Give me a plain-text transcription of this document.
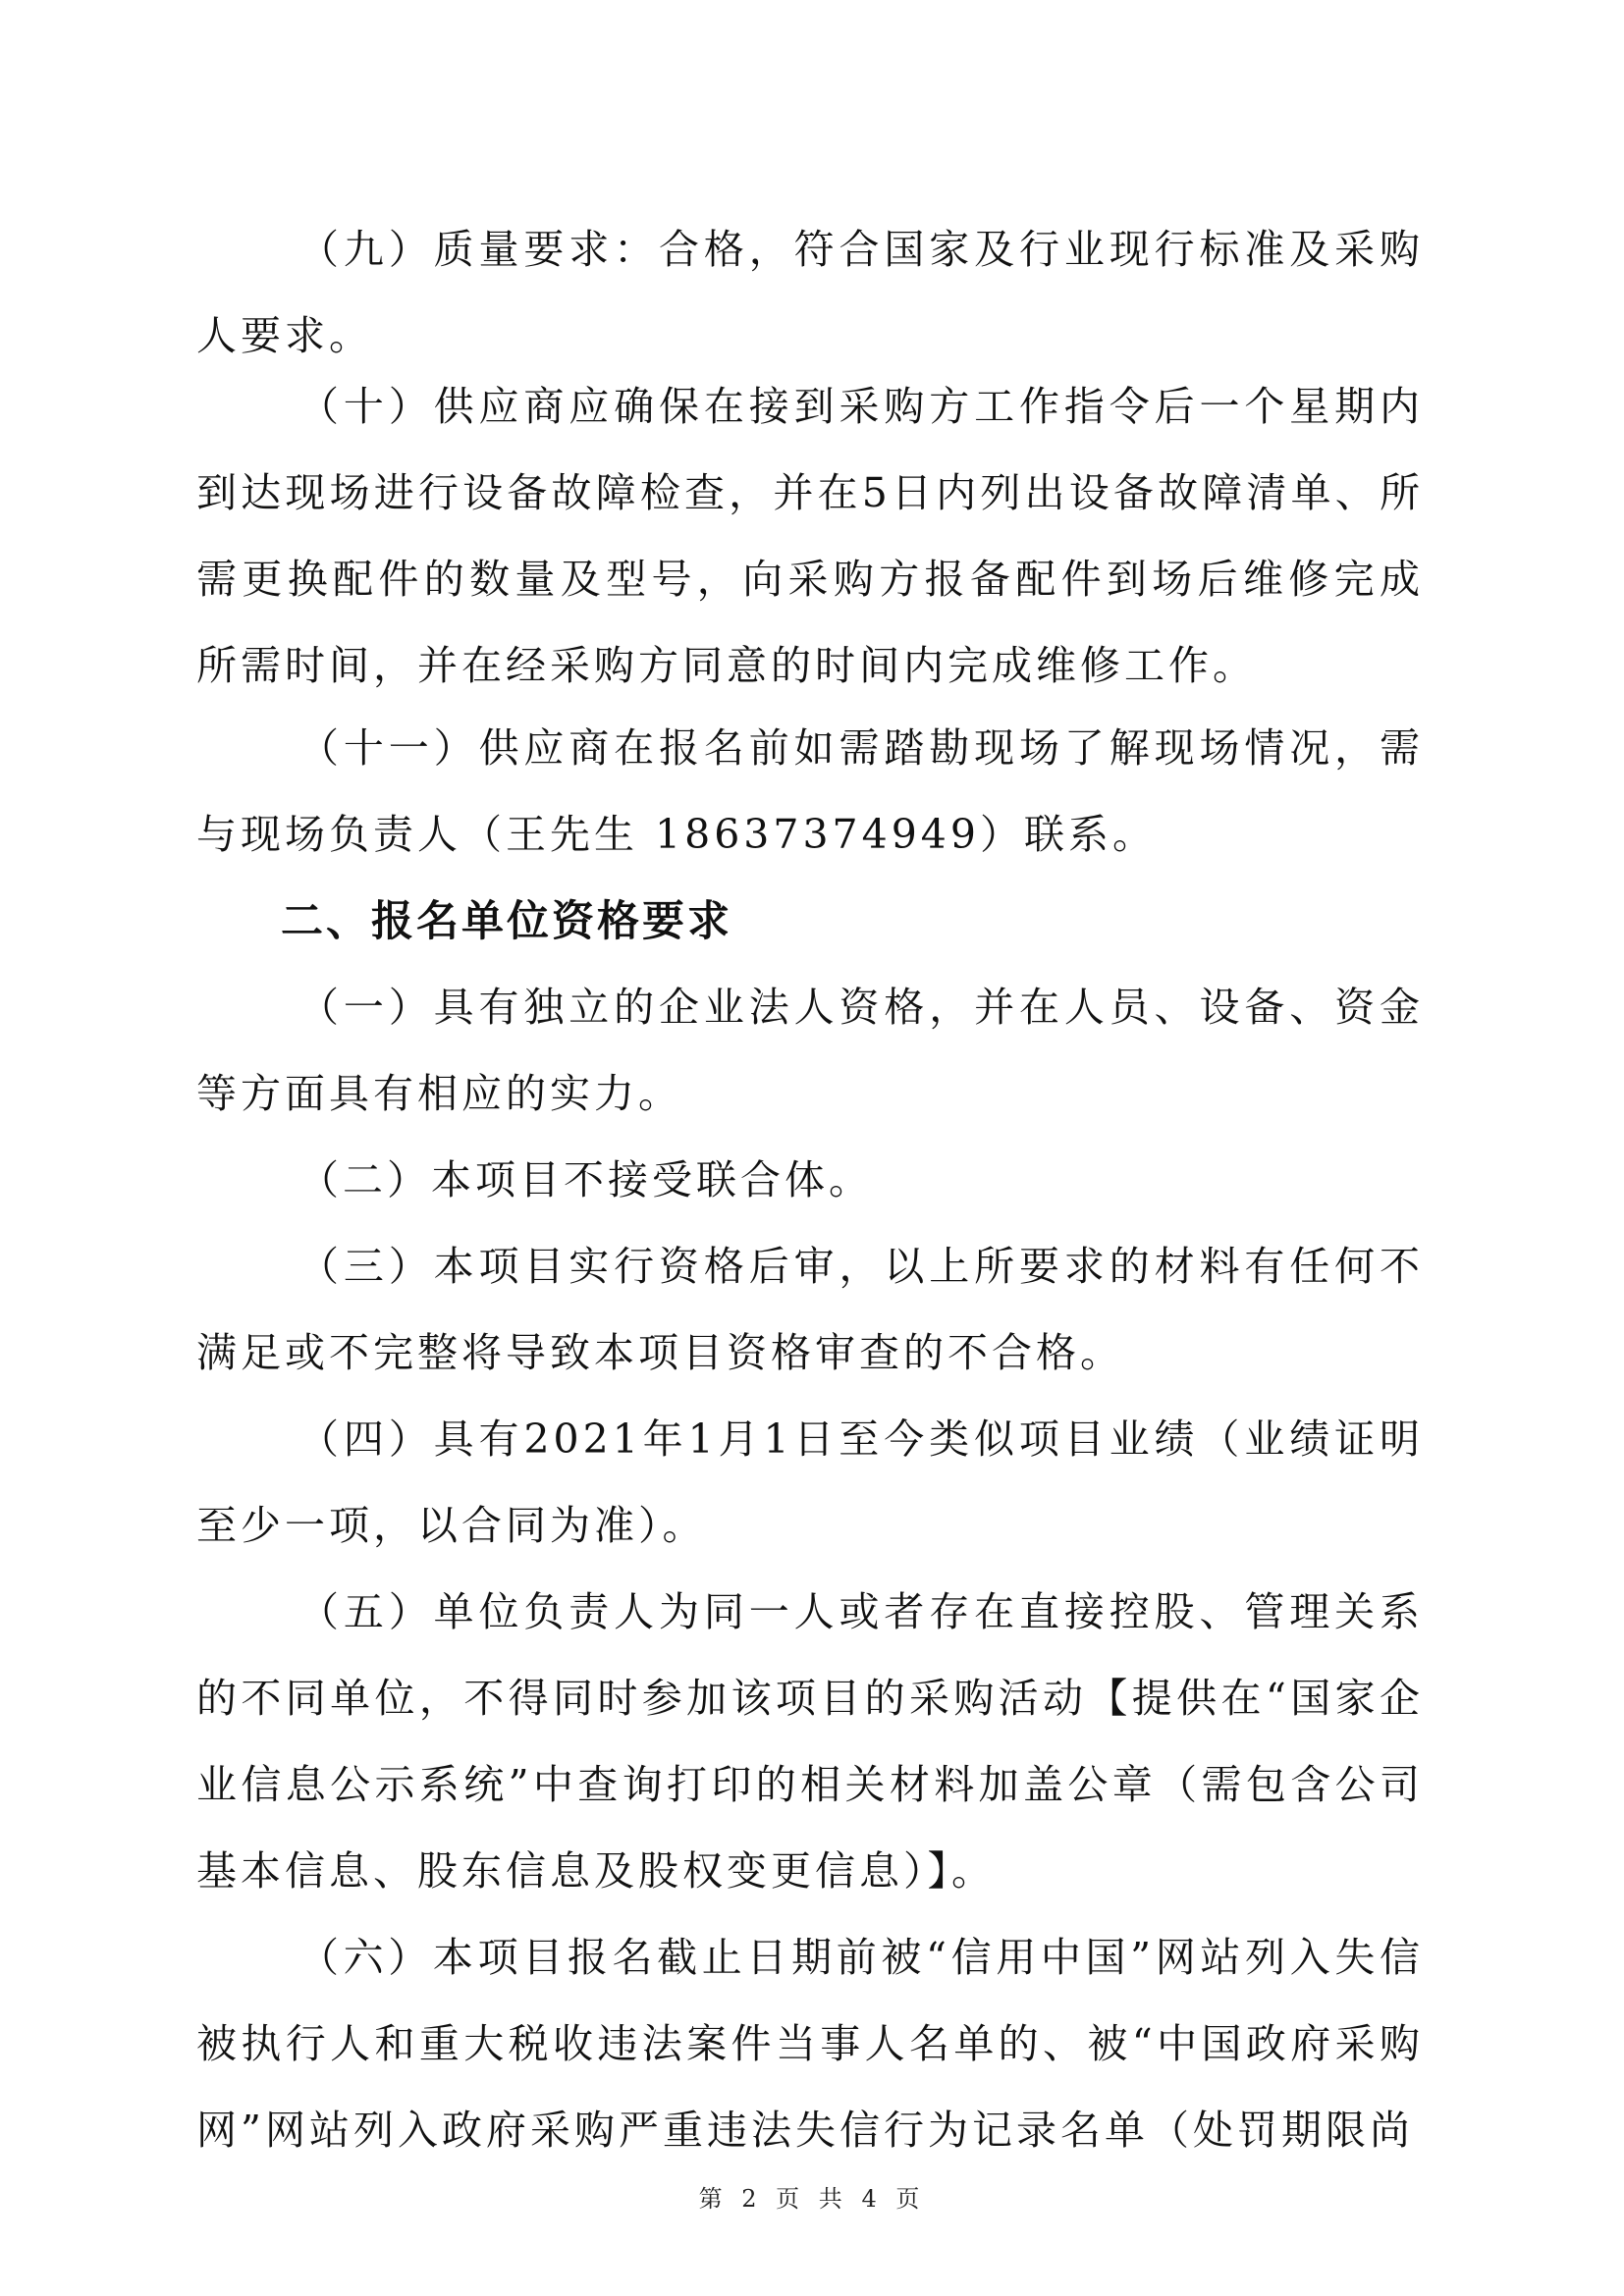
（九）质量要求：合格，符合国家及行业现行标准及采购人要求。

（十）供应商应确保在接到采购方工作指令后一个星期内到达现场进行设备故障检查，并在5日内列出设备故障清单、所需更换配件的数量及型号，向采购方报备配件到场后维修完成所需时间，并在经采购方同意的时间内完成维修工作。

（十一）供应商在报名前如需踏勘现场了解现场情况，需与现场负责人（王先生 18637374949）联系。

二、报名单位资格要求

（一）具有独立的企业法人资格，并在人员、设备、资金等方面具有相应的实力。

（二）本项目不接受联合体。

（三）本项目实行资格后审，以上所要求的材料有任何不满足或不完整将导致本项目资格审查的不合格。

（四）具有2021年1月1日至今类似项目业绩（业绩证明至少一项，以合同为准）。

（五）单位负责人为同一人或者存在直接控股、管理关系的不同单位，不得同时参加该项目的采购活动【提供在“国家企业信息公示系统”中查询打印的相关材料加盖公章（需包含公司基本信息、股东信息及股权变更信息）】。

（六）本项目报名截止日期前被“信用中国”网站列入失信被执行人和重大税收违法案件当事人名单的、被“中国政府采购网”网站列入政府采购严重违法失信行为记录名单（处罚期限尚

第 2 页 共 4 页
